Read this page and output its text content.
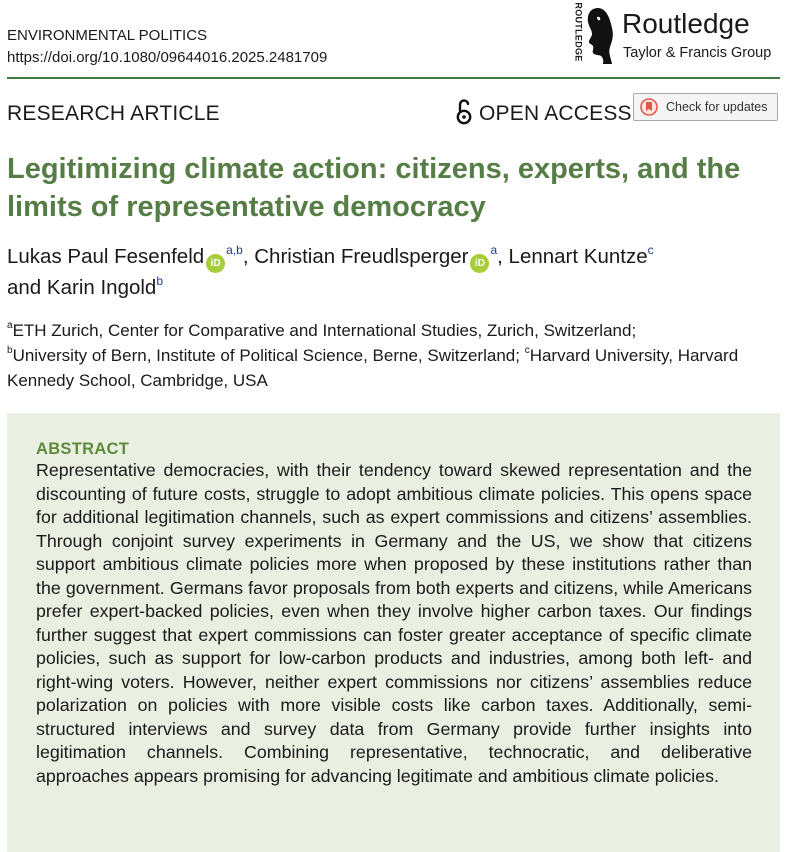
ENVIRONMENTAL POLITICS
https://doi.org/10.1080/09644016.2025.2481709	ROUTLEDGE Routledge
Taylor & Francis Group
RESEARCH ARTICLE	OPEN ACCESS	Check for updates
Legitimizing climate action: citizens, experts, and the limits of representative democracy
Lukas Paul Fesenfeld iD$^{a,b}$, Christian Freudlsperger $iD^a$, Lennart Kuntze$^c$
and Karin Ingold$^b$
$^a$ETH Zurich, Center for Comparative and International Studies, Zurich, Switzerland;
$^b$University of Bern, Institute of Political Science, Berne, Switzerland; $^c$Harvard University, Harvard Kennedy School, Cambridge, USA
ABSTRACT

Representative democracies, with their tendency toward skewed representation and the discounting of future costs, struggle to adopt ambitious climate policies. This opens space for additional legitimation channels, such as expert commissions and citizens’ assemblies. Through conjoint survey experiments in Germany and the US, we show that citizens support ambitious climate policies more when proposed by these institutions rather than the government. Germans favor proposals from both experts and citizens, while Americans prefer expert-backed policies, even when they involve higher carbon taxes. Our findings further suggest that expert commissions can foster greater acceptance of specific climate policies, such as support for low-carbon products and industries, among both left- and right-wing voters. However, neither expert commissions nor citizens’ assemblies reduce polarization on policies with more visible costs like carbon taxes. Additionally, semi-structured interviews and survey data from Germany provide further insights into legitimation channels. Combining representative, technocratic, and deliberative approaches appears promising for advancing legitimate and ambitious climate policies.
